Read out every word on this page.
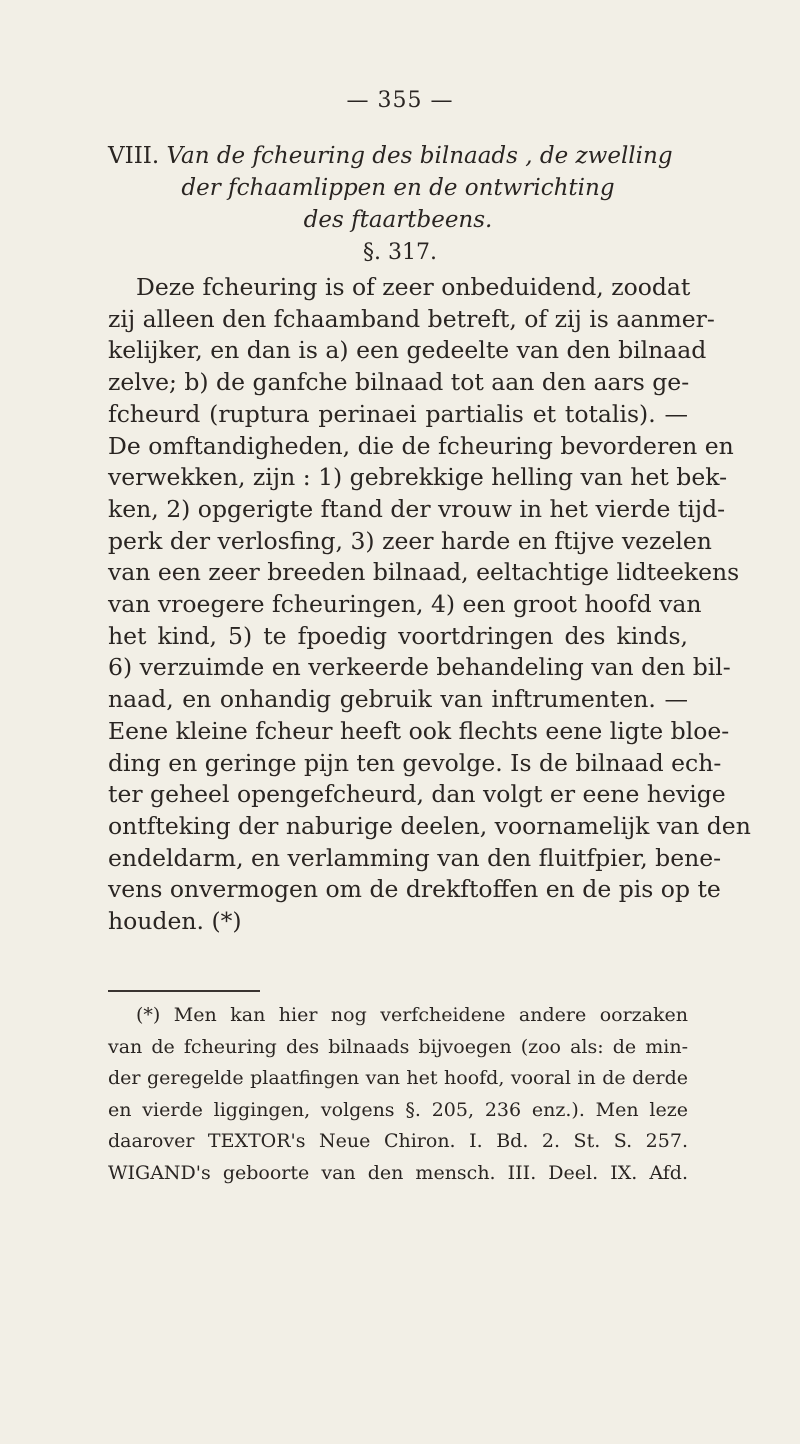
— 355 —
VIII. Van de fcheuring des bilnaads , de zwelling
der fchaamlippen en de ontwrichting
des ftaartbeens.
§. 317.
Deze fcheuring is of zeer onbeduidend, zoodat
zij alleen den fchaamband betreft, of zij is aanmer-
kelijker, en dan is a) een gedeelte van den bilnaad
zelve; b) de ganfche bilnaad tot aan den aars ge-
fcheurd (ruptura perinaei partialis et totalis). —
De omftandigheden, die de fcheuring bevorderen en
verwekken, zijn : 1) gebrekkige helling van het bek-
ken, 2) opgerigte ftand der vrouw in het vierde tijd-
perk der verlosfing, 3) zeer harde en ftijve vezelen
van een zeer breeden bilnaad, eeltachtige lidteekens
van vroegere fcheuringen, 4) een groot hoofd van
het kind, 5) te fpoedig voortdringen des kinds,
6) verzuimde en verkeerde behandeling van den bil-
naad, en onhandig gebruik van inftrumenten. —
Eene kleine fcheur heeft ook flechts eene ligte bloe-
ding en geringe pijn ten gevolge. Is de bilnaad ech-
ter geheel opengefcheurd, dan volgt er eene hevige
ontfteking der naburige deelen, voornamelijk van den
endeldarm, en verlamming van den fluitfpier, bene-
vens onvermogen om de drekftoffen en de pis op te
houden. (*)
(*) Men kan hier nog verfcheidene andere oorzaken
van de fcheuring des bilnaads bijvoegen (zoo als: de min-
der geregelde plaatfingen van het hoofd, vooral in de derde
en vierde liggingen, volgens §. 205, 236 enz.). Men leze
daarover TEXTOR's Neue Chiron. I. Bd. 2. St. S. 257.
WIGAND's geboorte van den mensch. III. Deel. IX. Afd.
